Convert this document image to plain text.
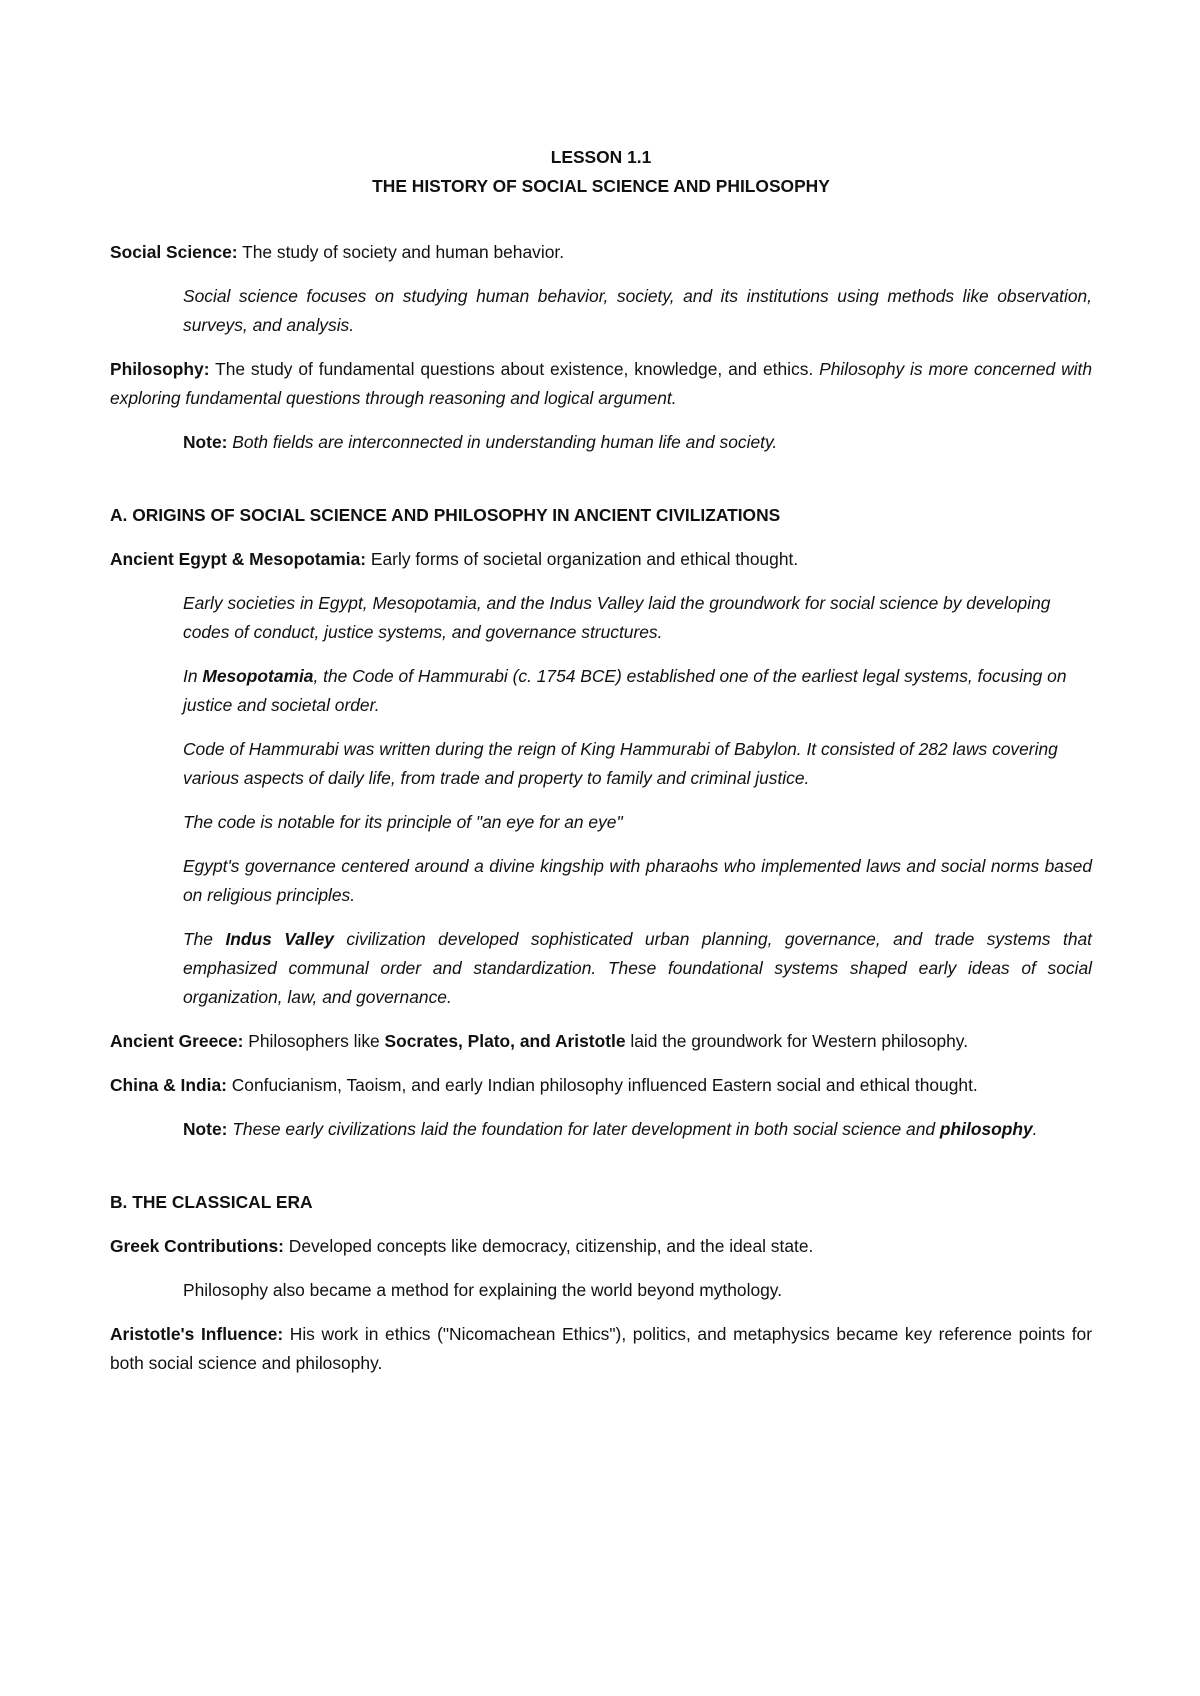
LESSON 1.1

THE HISTORY OF SOCIAL SCIENCE AND PHILOSOPHY

Social Science: The study of society and human behavior.

Social science focuses on studying human behavior, society, and its institutions using methods like observation, surveys, and analysis.

Philosophy: The study of fundamental questions about existence, knowledge, and ethics. Philosophy is more concerned with exploring fundamental questions through reasoning and logical argument.

Note: Both fields are interconnected in understanding human life and society.

A. ORIGINS OF SOCIAL SCIENCE AND PHILOSOPHY IN ANCIENT CIVILIZATIONS

Ancient Egypt & Mesopotamia: Early forms of societal organization and ethical thought.

Early societies in Egypt, Mesopotamia, and the Indus Valley laid the groundwork for social science by developing codes of conduct, justice systems, and governance structures.

In Mesopotamia, the Code of Hammurabi (c. 1754 BCE) established one of the earliest legal systems, focusing on justice and societal order.

Code of Hammurabi was written during the reign of King Hammurabi of Babylon. It consisted of 282 laws covering various aspects of daily life, from trade and property to family and criminal justice.

The code is notable for its principle of "an eye for an eye"

Egypt's governance centered around a divine kingship with pharaohs who implemented laws and social norms based on religious principles.

The Indus Valley civilization developed sophisticated urban planning, governance, and trade systems that emphasized communal order and standardization. These foundational systems shaped early ideas of social organization, law, and governance.

Ancient Greece: Philosophers like Socrates, Plato, and Aristotle laid the groundwork for Western philosophy.

China & India: Confucianism, Taoism, and early Indian philosophy influenced Eastern social and ethical thought.

Note: These early civilizations laid the foundation for later development in both social science and philosophy.

B. THE CLASSICAL ERA

Greek Contributions: Developed concepts like democracy, citizenship, and the ideal state.

Philosophy also became a method for explaining the world beyond mythology.

Aristotle's Influence: His work in ethics ("Nicomachean Ethics"), politics, and metaphysics became key reference points for both social science and philosophy.
